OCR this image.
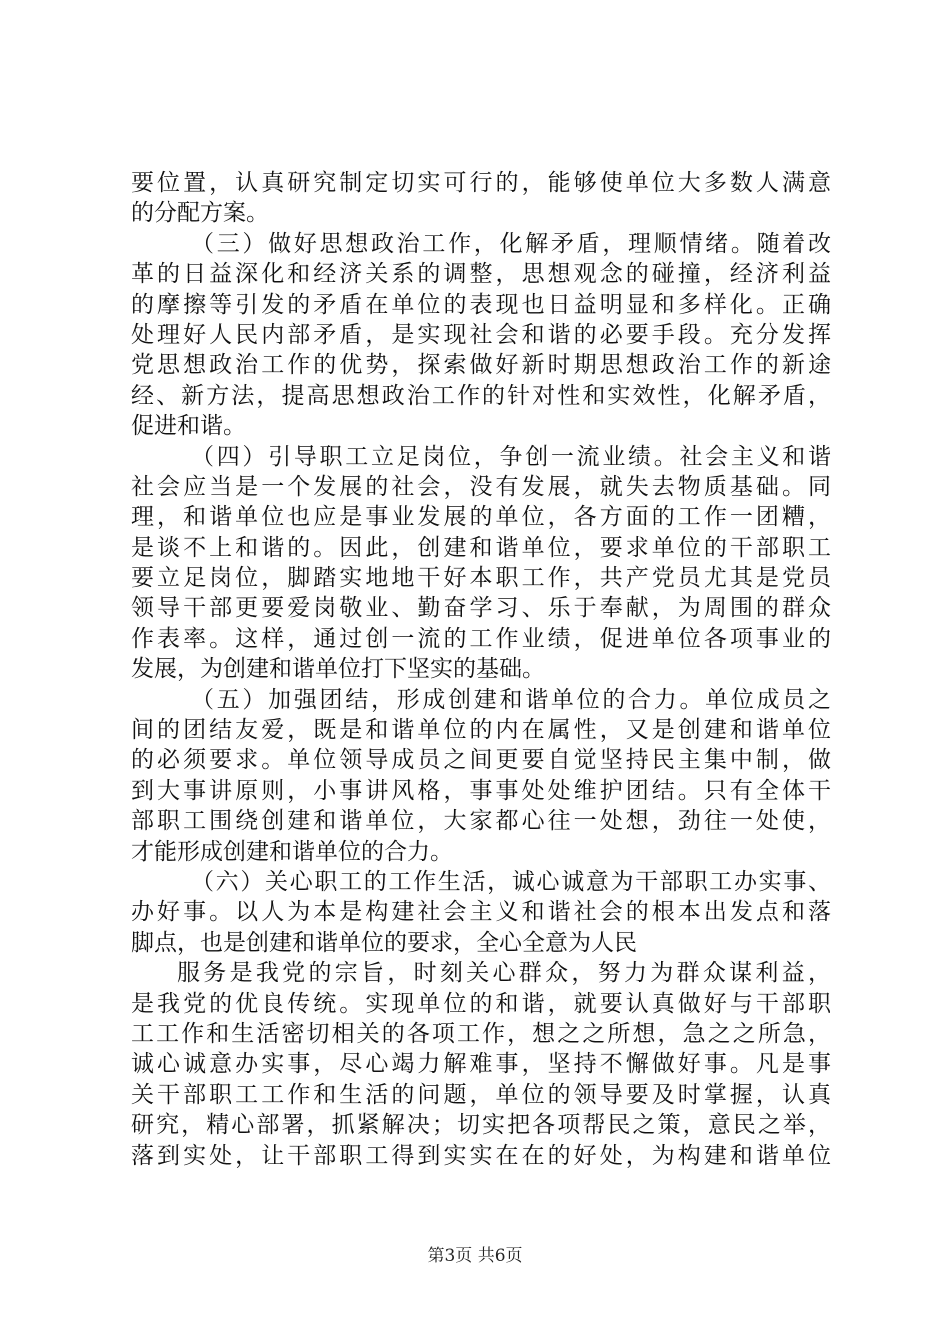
要位置，认真研究制定切实可行的，能够使单位大多数人满意

的分配方案。

（三）做好思想政治工作，化解矛盾，理顺情绪。随着改

革的日益深化和经济关系的调整，思想观念的碰撞，经济利益

的摩擦等引发的矛盾在单位的表现也日益明显和多样化。正确

处理好人民内部矛盾，是实现社会和谐的必要手段。充分发挥

党思想政治工作的优势，探索做好新时期思想政治工作的新途

经、新方法，提高思想政治工作的针对性和实效性，化解矛盾，

促进和谐。

（四）引导职工立足岗位，争创一流业绩。社会主义和谐

社会应当是一个发展的社会，没有发展，就失去物质基础。同

理，和谐单位也应是事业发展的单位，各方面的工作一团糟，

是谈不上和谐的。因此，创建和谐单位，要求单位的干部职工

要立足岗位，脚踏实地地干好本职工作，共产党员尤其是党员

领导干部更要爱岗敬业、勤奋学习、乐于奉献，为周围的群众

作表率。这样，通过创一流的工作业绩，促进单位各项事业的

发展，为创建和谐单位打下坚实的基础。

（五）加强团结，形成创建和谐单位的合力。单位成员之

间的团结友爱，既是和谐单位的内在属性，又是创建和谐单位

的必须要求。单位领导成员之间更要自觉坚持民主集中制，做

到大事讲原则，小事讲风格，事事处处维护团结。只有全体干

部职工围绕创建和谐单位，大家都心往一处想，劲往一处使，

才能形成创建和谐单位的合力。

（六）关心职工的工作生活，诚心诚意为干部职工办实事、

办好事。以人为本是构建社会主义和谐社会的根本出发点和落

脚点，也是创建和谐单位的要求，全心全意为人民

服务是我党的宗旨，时刻关心群众，努力为群众谋利益，

是我党的优良传统。实现单位的和谐，就要认真做好与干部职

工工作和生活密切相关的各项工作，想之之所想，急之之所急，

诚心诚意办实事，尽心竭力解难事，坚持不懈做好事。凡是事

关干部职工工作和生活的问题，单位的领导要及时掌握，认真

研究，精心部署，抓紧解决；切实把各项帮民之策，意民之举，

落到实处，让干部职工得到实实在在的好处，为构建和谐单位

第3页 共6页
